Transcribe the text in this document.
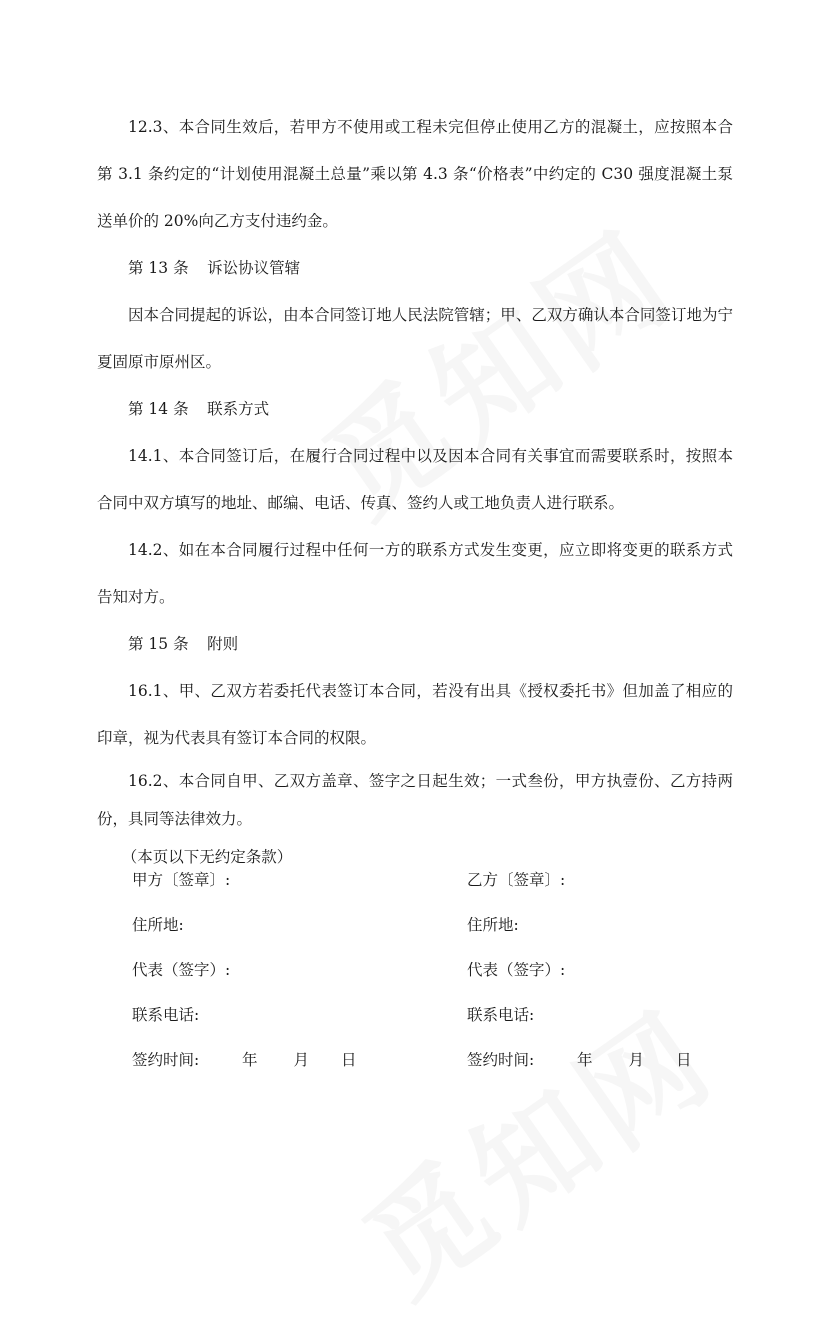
12.3、本合同生效后，若甲方不使用或工程未完但停止使用乙方的混凝土，应按照本合第 3.1 条约定的“计划使用混凝土总量”乘以第 4.3 条“价格表”中约定的 C30 强度混凝土泵送单价的 20%向乙方支付违约金。

第 13 条 诉讼协议管辖

因本合同提起的诉讼，由本合同签订地人民法院管辖；甲、乙双方确认本合同签订地为宁夏固原市原州区。

第 14 条 联系方式

14.1、本合同签订后，在履行合同过程中以及因本合同有关事宜而需要联系时，按照本合同中双方填写的地址、邮编、电话、传真、签约人或工地负责人进行联系。

14.2、如在本合同履行过程中任何一方的联系方式发生变更，应立即将变更的联系方式告知对方。

第 15 条 附则

16.1、甲、乙双方若委托代表签订本合同，若没有出具《授权委托书》但加盖了相应的印章，视为代表具有签订本合同的权限。

16.2、本合同自甲、乙双方盖章、签字之日起生效；一式叁份，甲方执壹份、乙方持两份，具同等法律效力。

（本页以下无约定条款）

甲方〔签章〕:
住所地:
代表（签字）:
联系电话:
签约时间:	年 月 日
乙方〔签章〕:
住所地:
代表（签字）:
联系电话:
签约时间:	年 月 日
